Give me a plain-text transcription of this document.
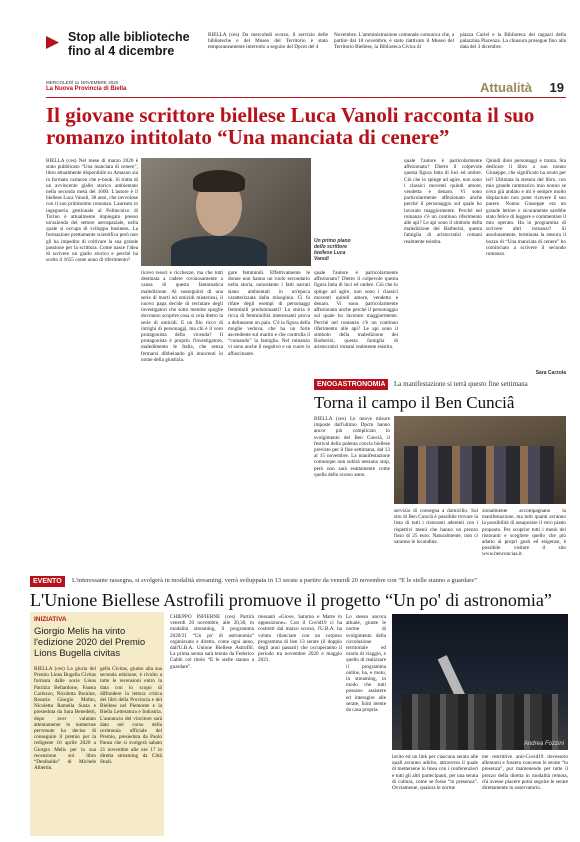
Stop alle biblioteche fino al 4 dicembre
BIELLA (ces) Da mercoledì scorso, il servizio delle biblioteche e del Museo del Territorio è stato temporaneamente interrotto a seguito del Dpcm del 4
Novembre. L'amministrazione comunale comunica che, a partire dal 18 novembre, è stato riattivato il Museo del Territorio Biellese, la Biblioteca Civica di
piazza Curiel e la Biblioteca dei ragazzi della palazzina Piacenza. La chiusura prosegue fino alla data del 3 dicembre.
MERCOLEDÌ 11 NOVEMBRE 2020
La Nuova Provincia di Biella	Attualità 19
Il giovane scrittore biellese Luca Vanoli racconta il suo romanzo intitolato “Una manciata di cenere”
BIELLA (ces) Nel mese di marzo 2020 è stato pubblicato “Una manciata di cenere”, libro attualmente disponibile su Amazon sia in formato cartaceo che e-book. Si tratta di un avvincente giallo storico ambientato nella seconda metà del 1600. L'autore è il biellese Luca Vanoli, 30 anni, che ravvolose con il suo primissimo romanzo. Laureato in ingegneria gestionale al Politecnico di Torino è attualmente impiegato presso un'azienda del settore aerospaziale, nella quale si occupa di sviluppo business. La formazione prettamente scientifica però non gli ha impedito di coltivare la sua grande passione per la scrittura. Come nasce l'idea di scrivere un giallo storico e perché ha scelto il 1655 come anno di riferimento?
Un primo piano dello scrittore biellese Luca Vanoli
ricevo tesori e ricchezze, ma che tutti destinata a cadere rovinosamente a causa di questa fantomatica maledizione. Al susseguirsi di una serie di morti ed omicidi misteriosi, il nuovo papa decide di reclutare degli investigatori che sotto mentite spoglie dovranno scoprire cosa si cela dietro la serie di omicidi. E un filo ricco di intrighi di personaggi, ma chi è il vero protagonista della vicenda? Il protagonista è proprio l'investigatore, maledimento le Italia, che senza fermarsi dibbelando gli innocenti in nome della giustizia.
gure femminili. Effettivamente le donne non hanno un ruolo secondario nella storia, nonostante i fatti narrati siano ambientati in un'epoca caratterizzata dalla misoginia. Ci fa rifare degli esempi di personaggi femminili predominanti? La storia è ricca di femminilità interessanti prova a delinearne un paio. C'è la figura della moglie vedova, che ha un forte ascendente sul marito e che controlla il “comando” la famiglia. Nel romanzo vi sono anche il negativo e un cuore in affascinante.
quale l'autore è particolarmente affezionato? Dietro il colpevole questa figura fatta di luci ed ombre. Ciò che lo spinge ad agire, non sono i classici moventi quindi amore, vendetta e denaro. Vi sono particolarmente affezionato anche perché il personaggio sul quale ho lavorato maggiormente. Perché nel romanzo c'è un continuo riferimento alle api? Le api sono il simbolo della maledizione dei Barberini, questa famiglia di aristocratici romani realmente esistita.
quale l'autore è particolarmente affezionato? Dietro il colpevole questa figura fatta di luci ed ombre. Ciò che lo spinge ad agire, non sono i classici moventi quindi amore, vendetta e denaro. Vi sono particolarmente affezionato anche perché il personaggio sul quale ho lavorato maggiormente. Perché nel romanzo c'è un continuo riferimento alle api? Le api sono il simbolo della maledizione dei Barberini, questa famiglia di aristocratici romani realmente esistita.
Quindi direi personaggi e trama. Sta dedicare il libro a suo nonno Giuseppe, che significato ha avuto per lei? Ultimata la stesura del libro, con mio grande rammarico mio nonno se n'era già andato e mi è sempre molto dispiaciuto non poter ricevere il suo parere. Nonno Giuseppe era un grande lettore e sicuramente sarebbe stato felice di leggere e commentare il mio operato. Ha in programma di scrivere altri romanzi? Si assolutamente, terminata la stesura il bozzo di “Una manciata di cenere” ho cominciato a scrivere il secondo romanzo.
Sara Carzola
ENOGASTRONOMIA	La manifestazione si terrà questo fine settimana
Torna il campo il Ben Cunciâ
BIELLA (ces) Le nuove misure imposte dall'ultimo Dpcm hanno ancor più complicato lo svolgimento del Ben Cunciâ, il festival della polenta concia biellese previsto per il fine settimana, dal 13 al 15 novembre. La manifestazione comunque non subirà nessuno stop, però non sarà esattamente come quella dello scorso anno.
servizio di consegna a domicilio. Sul sito di Ben Cunciâ è possibile trovare la lista di tutti i ristoranti aderenti con i rispettivi menù che hanno un prezzo fisso di 25 euro. Naturalmente, non ci saranno le locandine.
zionalmente accompagnano la manifestazione, ma tutti quanti avranno la possibilità di assaporare il vero piatto proposto. Per scoprire tutti i menù dei ristoranti e scegliere quello che più adatto ai propri gusti ed esigenze, è possibile visitare il sito www.bencunciaa.it.
EVENTO	L'interessante rassegna, si svolgerà in modalità streaming. verrà sviluppata in 13 serate a partire da venerdì 20 novembre con “E le stelle stanno a guardare”
L'Unione Biellese Astrofili promuove il progetto “Un po' di astronomia”
INIZIATIVA
Giorgio Melis ha vinto l'edizione 2020 del Premio Lions Bugella civitas
BIELLA (ces) La giuria del Premio Lions Bugella Civitas formata dalle socie Lions Patrizia Bellardone, Fausta Carluzzo, Nicoletta Boraine, Rosaria Giorgio Molho, Nicoletta Ramella Susta e presieduta da Sara Benedetti, dopo aver valutato attentamente le numerose pervenute ha deciso di conseguire il premio per la redigente 16 aprile 2020 a Giorgio Melis per la sua recensione sul libro “Denibaldo” di Michele Albertin.
gella Civitas, giunto alla sua seconda edizione, è rivolto a tutte le recensioni entro la data con lo scopo di diffondere la lettura critica dei libri della Provincia e del Biellese nel Piemonte e la Biella Letteratura e Industria. L'annuncio del vincitore sarà dato nel corso della cerimonia ufficiale del Premio, presieduta da Paolo Pansa che si svolgerà sabato 21 novembre alle ore 17 in diretta streaming da Città Studi.
CHIEPPO INFIERNE (ces) Partirà venerdì 20 novembre, alle 20,30, in modalità streaming, il programma 2020/21 “Un po' di astronomia” organizzato e diretto, come ogni anno, dall'U.B.A. Unione Biellese Astrofili. La prima serata sarà tenuta da Federico Gabbi col titolo “E le stelle stanno a guardare”.
tressanti «Giove, Saturno e Marte in opposizione». Con il Covid19 ci ha costretti dal marzo scorso, l'U.B.A. ha voluto rilanciare con un corposo programma di ben 13 serate (il doppio degli anni passati) che occuperanno il periodo tra novembre 2020 e maggio 2021.
Lo stesso ancora attuale, giunte le norme di svolgimento della circolazione territoriale ed orario di viaggio, e quello di realizzare il programma online, ha, e motu, in streaming, in modo che tutti possano assistere ed interagire alle serate, fuiiti mente da casa propria.
Andrea Fozzini
lavito ed un link per ciascuna serata alle quali avranno adirito, attraverso il quale di mettersene lo linea con i conferenzieri e tutti gli altri partecipanti, per una serata di cultura, come se fosse “in presenza”. Ovviamente, qualora le norme
me restrittive anti-Covid19 dovessero allentarsi e fossero concesse le serate “in presenza”, pur mantenendo per tutte il prezzo della diretta in modalità remota, chi avesse piacere potrà seguire le serate direttamente in osservatorio.
